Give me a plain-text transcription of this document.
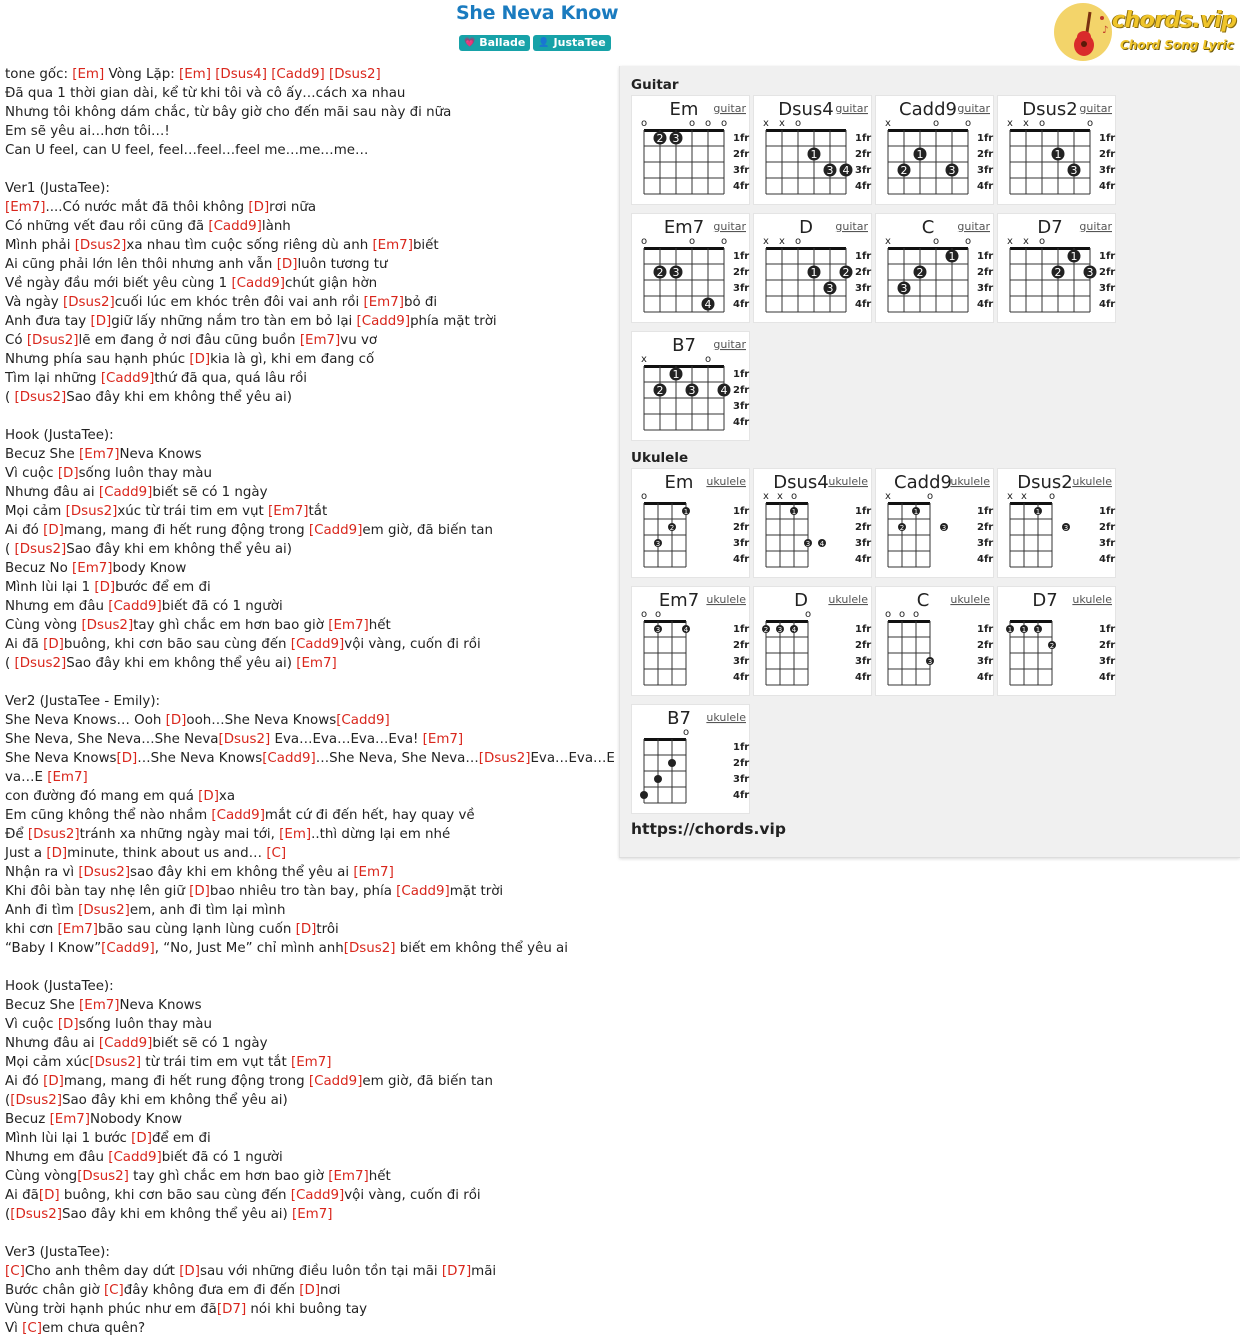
She Neva Know
💗 Ballade 👤 JustaTee
♪ chords.vip
Chord Song Lyric
tone gốc: [Em] Vòng Lặp: [Em] [Dsus4] [Cadd9] [Dsus2]
Đã qua 1 thời gian dài, kể từ khi tôi và cô ấy…cách xa nhau
Nhưng tôi không dám chắc, từ bây giờ cho đến mãi sau này đi nữa
Em sẽ yêu ai…hơn tôi…!
Can U feel, can U feel, feel…feel…feel me…me…me…
Ver1 (JustaTee):
[Em7]....Có nước mắt đã thôi không [D]rơi nữa
Có những vết đau rồi cũng đã [Cadd9]lành
Mình phải [Dsus2]xa nhau tìm cuộc sống riêng dù anh [Em7]biết
Ai cũng phải lớn lên thôi nhưng anh vẫn [D]luôn tương tư
Về ngày đầu mới biết yêu cùng 1 [Cadd9]chút giận hờn
Và ngày [Dsus2]cuối lúc em khóc trên đôi vai anh rồi [Em7]bỏ đi
Anh đưa tay [D]giữ lấy những nắm tro tàn em bỏ lại [Cadd9]phía mặt trời
Có [Dsus2]lẽ em đang ở nơi đâu cũng buồn [Em7]vu vơ
Nhưng phía sau hạnh phúc [D]kia là gì, khi em đang cố
Tìm lại những [Cadd9]thứ đã qua, quá lâu rồi
( [Dsus2]Sao đây khi em không thể yêu ai)
Hook (JustaTee):
Becuz She [Em7]Neva Knows
Vì cuộc [D]sống luôn thay màu
Nhưng đâu ai [Cadd9]biết sẽ có 1 ngày
Mọi cảm [Dsus2]xúc từ trái tim em vụt [Em7]tắt
Ai đó [D]mang, mang đi hết rung động trong [Cadd9]em giờ, đã biến tan
( [Dsus2]Sao đây khi em không thể yêu ai)
Becuz No [Em7]body Know
Mình lùi lại 1 [D]bước để em đi
Nhưng em đâu [Cadd9]biết đã có 1 người
Cùng vòng [Dsus2]tay ghì chắc em hơn bao giờ [Em7]hết
Ai đã [D]buông, khi cơn bão sau cùng đến [Cadd9]vội vàng, cuốn đi rồi
( [Dsus2]Sao đây khi em không thể yêu ai) [Em7]
Ver2 (JustaTee - Emily):
She Neva Knows… Ooh [D]ooh…She Neva Knows[Cadd9]
She Neva, She Neva…She Neva[Dsus2] Eva…Eva…Eva…Eva! [Em7]
She Neva Knows[D]…She Neva Knows[Cadd9]…She Neva, She Neva…[Dsus2]Eva…Eva…E
va…E [Em7]
con đường đó mang em quá [D]xa
Em cũng không thể nào nhầm [Cadd9]mắt cứ đi đến hết, hay quay về
Để [Dsus2]tránh xa những ngày mai tới, [Em]..thì dừng lại em nhé
Just a [D]minute, think about us and… [C]
Nhận ra vì [Dsus2]sao đây khi em không thể yêu ai [Em7]
Khi đôi bàn tay nhẹ lên giữ [D]bao nhiêu tro tàn bay, phía [Cadd9]mặt trời
Anh đi tìm [Dsus2]em, anh đi tìm lại mình
khi cơn [Em7]bão sau cùng lạnh lùng cuốn [D]trôi
“Baby I Know”[Cadd9], “No, Just Me” chỉ mình anh[Dsus2] biết em không thể yêu ai
Hook (JustaTee):
Becuz She [Em7]Neva Knows
Vì cuộc [D]sống luôn thay màu
Nhưng đâu ai [Cadd9]biết sẽ có 1 ngày
Mọi cảm xúc[Dsus2] từ trái tim em vụt tắt [Em7]
Ai đó [D]mang, mang đi hết rung động trong [Cadd9]em giờ, đã biến tan
([Dsus2]Sao đây khi em không thể yêu ai)
Becuz [Em7]Nobody Know
Mình lùi lại 1 bước [D]để em đi
Nhưng em đâu [Cadd9]biết đã có 1 người
Cùng vòng[Dsus2] tay ghì chắc em hơn bao giờ [Em7]hết
Ai đã[D] buông, khi cơn bão sau cùng đến [Cadd9]vội vàng, cuốn đi rồi
([Dsus2]Sao đây khi em không thể yêu ai) [Em7]
Ver3 (JustaTee):
[C]Cho anh thêm day dứt [D]sau với những điều luôn tồn tại mãi [D7]mãi
Bước chân giờ [C]đây không đưa em đi đến [D]nơi
Vùng trời hạnh phúc như em đã[D7] nói khi buông tay
Vì [C]em chưa quên?
Guitar
Em guitar
o	o o o
1fr
2fr
3fr
4fr
2 3
Dsus4 guitar
x x o
1fr
2fr
3fr
4fr
1
3 4
Cadd9 guitar
x	o	o
1fr
2fr
3fr
4fr
2
1
3
Dsus2 guitar
x x o	o
1fr
2fr
3fr
4fr
1
3
Em7 guitar
o	o	o
1fr
2fr
3fr
4fr
2 3
4
D guitar
x x o
1fr
2fr
3fr
4fr
1
3
2
C guitar
x	o	o
1fr
2fr
3fr
4fr
3
2
1
D7 guitar
x x o
1fr
2fr
3fr
4fr
2
1
3
B7 guitar
x	o
1fr
2fr
3fr
4fr
2
1
3 4
Ukulele
Em ukulele
o
1fr
2fr
3fr
4fr
3
2
1
Dsus4 ukulele
x x o
1fr
2fr
3fr
4fr
1
3 4
Cadd9
ukulele
x	o
1fr
2fr
3fr
4fr
2
1
3
Dsus2 ukulele
x x o
1fr
2fr
3fr
4fr
1
3
Em7 ukulele
o o
1fr
2fr
3fr
4fr
3	4
D ukulele
o
1fr
2fr
3fr
4fr
2 3 4
C ukulele
o o o
1fr
2fr
3fr
4fr
3
D7 ukulele
1fr
2fr
3fr
4fr
1 1 1
2
B7 ukulele
o
1fr
2fr
3fr
4fr
https://chords.vip
